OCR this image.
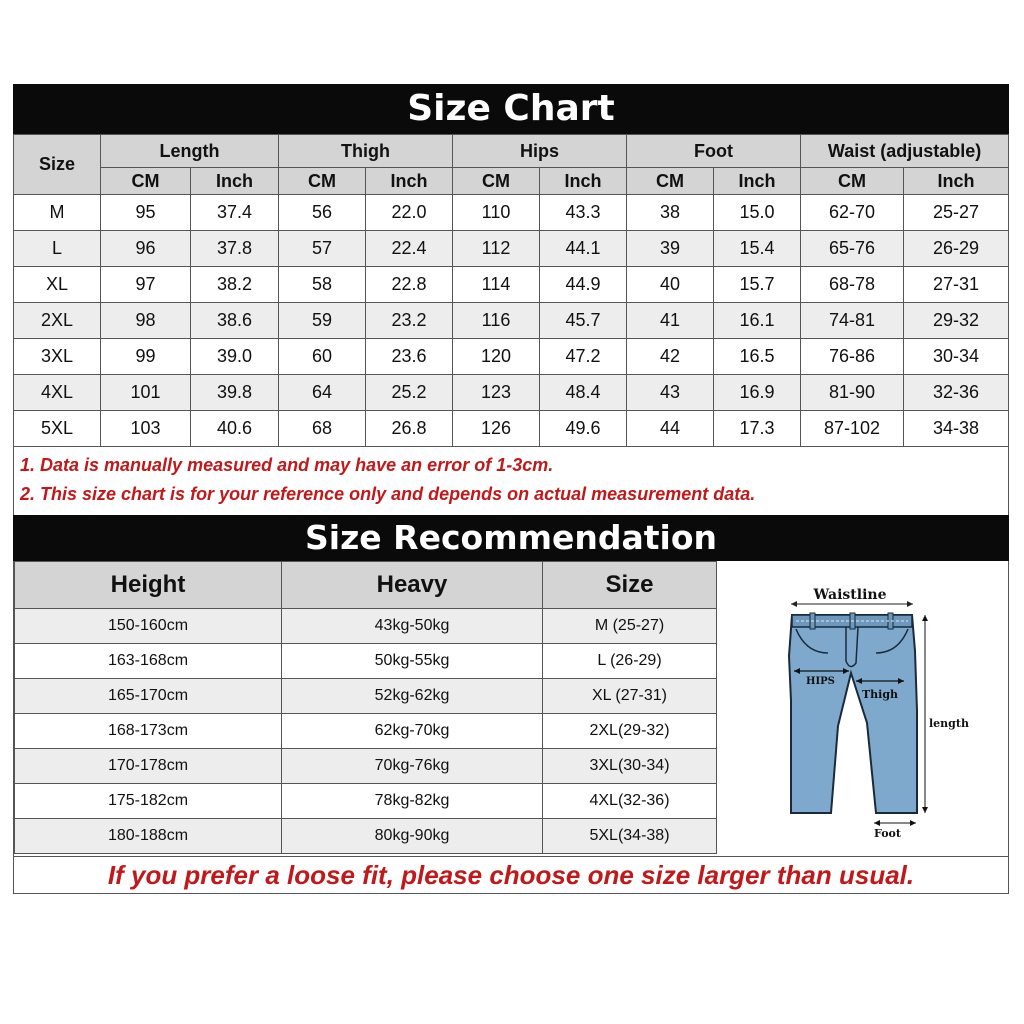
Size Chart
Size	Length		Thigh		Hips		Foot		Waist (adjustable)	
	CM	Inch	CM	Inch	CM	Inch	CM	Inch	CM	Inch
M	95	37.4	56	22.0	110	43.3	38	15.0	62-70	25-27
L	96	37.8	57	22.4	112	44.1	39	15.4	65-76	26-29
XL	97	38.2	58	22.8	114	44.9	40	15.7	68-78	27-31
2XL	98	38.6	59	23.2	116	45.7	41	16.1	74-81	29-32
3XL	99	39.0	60	23.6	120	47.2	42	16.5	76-86	30-34
4XL	101	39.8	64	25.2	123	48.4	43	16.9	81-90	32-36
5XL	103	40.6	68	26.8	126	49.6	44	17.3	87-102	34-38
1. Data is manually measured and may have an error of 1-3cm.
2. This size chart is for your reference only and depends on actual measurement data.
Size Recommendation
Height	Heavy	Size
150-160cm	43kg-50kg	M (25-27)
163-168cm	50kg-55kg	L (26-29)
165-170cm	52kg-62kg	XL (27-31)
168-173cm	62kg-70kg	2XL(29-32)
170-178cm	70kg-76kg	3XL(30-34)
175-182cm	78kg-82kg	4XL(32-36)
180-188cm	80kg-90kg	5XL(34-38)
Waistline
HIPS
Thigh
length
Foot
If you prefer a loose fit, please choose one size larger than usual.
